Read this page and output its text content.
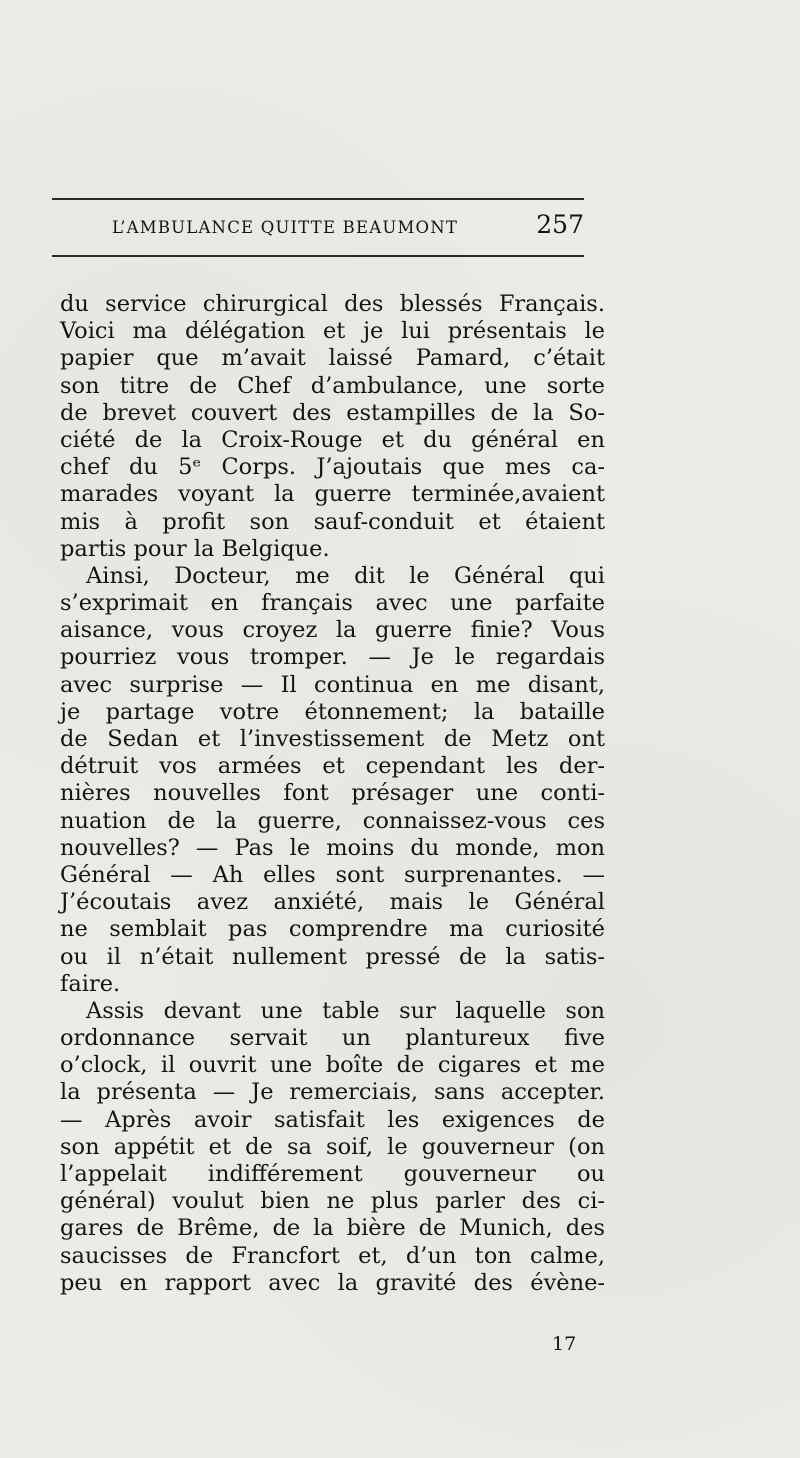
L’AMBULANCE QUITTE BEAUMONT	257
du service chirurgical des blessés Français.
Voici ma délégation et je lui présentais le
papier que m’avait laissé Pamard, c’était
son titre de Chef d’ambulance, une sorte
de brevet couvert des estampilles de la So-
ciété de la Croix-Rouge et du général en
chef du 5ᵉ Corps. J’ajoutais que mes ca-
marades voyant la guerre terminée,avaient
mis à profit son sauf-conduit et étaient
partis pour la Belgique.
Ainsi, Docteur, me dit le Général qui
s’exprimait en français avec une parfaite
aisance, vous croyez la guerre finie? Vous
pourriez vous tromper. — Je le regardais
avec surprise — Il continua en me disant,
je partage votre étonnement; la bataille
de Sedan et l’investissement de Metz ont
détruit vos armées et cependant les der-
nières nouvelles font présager une conti-
nuation de la guerre, connaissez-vous ces
nouvelles? — Pas le moins du monde, mon
Général — Ah elles sont surprenantes. —
J’écoutais avez anxiété, mais le Général
ne semblait pas comprendre ma curiosité
ou il n’était nullement pressé de la satis-
faire.
Assis devant une table sur laquelle son
ordonnance servait un plantureux five
o’clock, il ouvrit une boîte de cigares et me
la présenta — Je remerciais, sans accepter.
— Après avoir satisfait les exigences de
son appétit et de sa soif, le gouverneur (on
l’appelait indifférement gouverneur ou
général) voulut bien ne plus parler des ci-
gares de Brême, de la bière de Munich, des
saucisses de Francfort et, d’un ton calme,
peu en rapport avec la gravité des évène-
17
